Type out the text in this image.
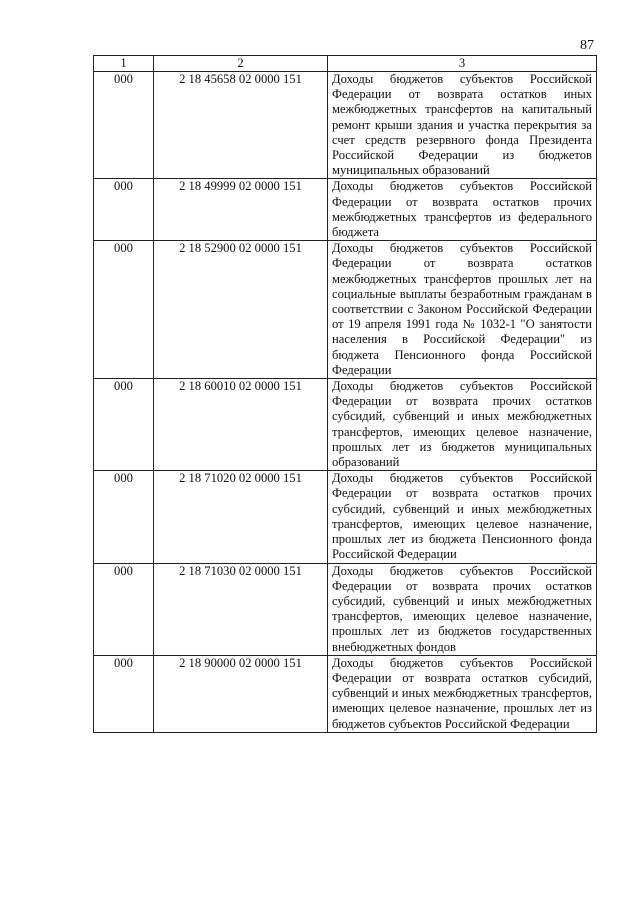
87
1	2	3
000	2 18 45658 02 0000 151	Доходы бюджетов субъектов Российской Федерации от возврата остатков иных межбюджетных трансфертов на капитальный ремонт крыши здания и участка перекрытия за счет средств резервного фонда Президента Российской Федерации из бюджетов муниципальных образований
000	2 18 49999 02 0000 151	Доходы бюджетов субъектов Российской Федерации от возврата остатков прочих межбюджетных трансфертов из федерального бюджета
000	2 18 52900 02 0000 151	Доходы бюджетов субъектов Российской Федерации от возврата остатков межбюджетных трансфертов прошлых лет на социальные выплаты безработным гражданам в соответствии с Законом Российской Федерации от 19 апреля 1991 года № 1032-1 "О занятости населения в Российской Федерации" из бюджета Пенсионного фонда Российской Федерации
000	2 18 60010 02 0000 151	Доходы бюджетов субъектов Российской Федерации от возврата прочих остатков субсидий, субвенций и иных межбюджетных трансфертов, имеющих целевое назначение, прошлых лет из бюджетов муниципальных образований
000	2 18 71020 02 0000 151	Доходы бюджетов субъектов Российской Федерации от возврата остатков прочих субсидий, субвенций и иных межбюджетных трансфертов, имеющих целевое назначение, прошлых лет из бюджета Пенсионного фонда Российской Федерации
000	2 18 71030 02 0000 151	Доходы бюджетов субъектов Российской Федерации от возврата прочих остатков субсидий, субвенций и иных межбюджетных трансфертов, имеющих целевое назначение, прошлых лет из бюджетов государственных внебюджетных фондов
000	2 18 90000 02 0000 151	Доходы бюджетов субъектов Российской Федерации от возврата остатков субсидий, субвенций и иных межбюджетных трансфертов, имеющих целевое назначение, прошлых лет из бюджетов субъектов Российской Федерации
